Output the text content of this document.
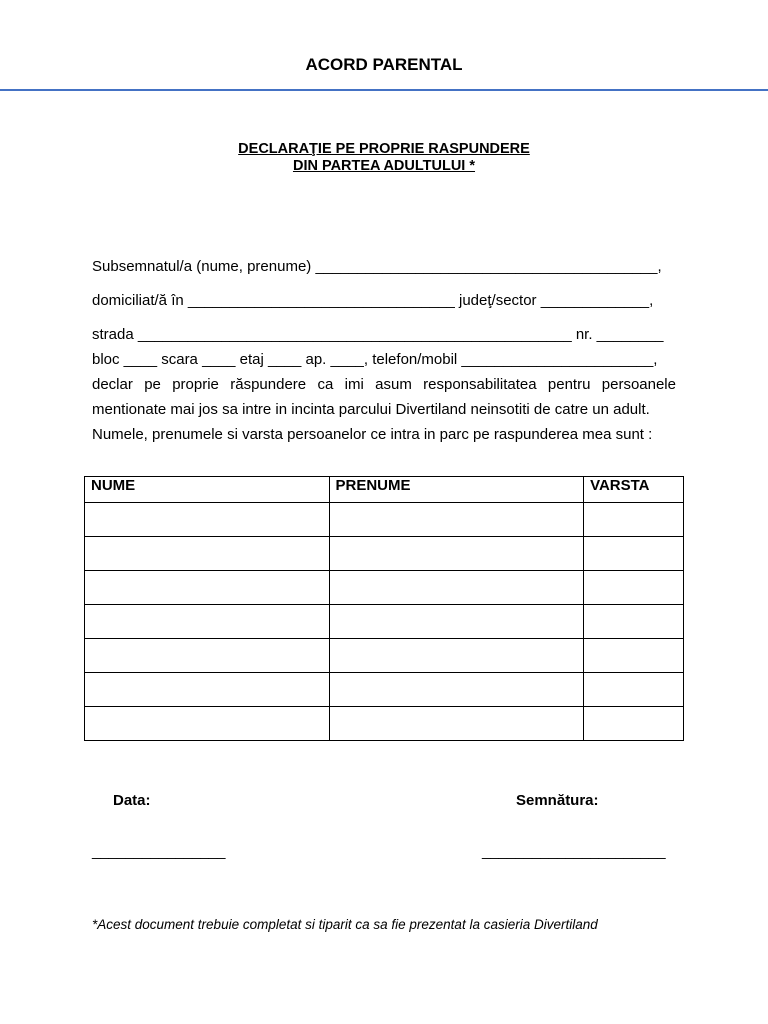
ACORD PARENTAL
DECLARAŢIE PE PROPRIE RASPUNDERE
DIN PARTEA ADULTULUI *
Subsemnatul/a (nume, prenume) _________________________________________,
domiciliat/ă în ________________________________ judeţ/sector _____________,
strada ____________________________________________________ nr. ________
bloc ____ scara ____ etaj ____ ap. ____, telefon/mobil _______________________,
declar pe proprie răspundere ca imi asum responsabilitatea pentru persoanele
mentionate mai jos sa intre in incinta parcului Divertiland neinsotiti de catre un adult.
Numele, prenumele si varsta persoanelor ce intra in parc pe raspunderea mea sunt :
NUME	PRENUME	VARSTA

Data:	Semnătura:
________________	______________________
*Acest document trebuie completat si tiparit ca sa fie prezentat la casieria Divertiland
